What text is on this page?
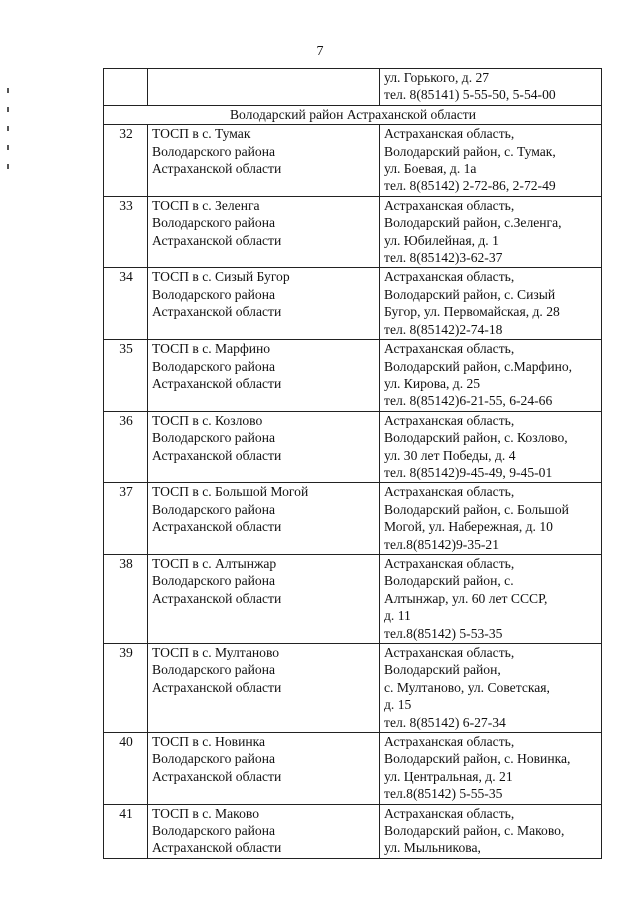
7

		ул. Горького, д. 27
тел. 8(85141) 5-55-50, 5-54-00

Володарский район Астраханской области		
32	ТОСП в с. Тумак
Володарского района
Астраханской области	Астраханская область,
Володарский район, с. Тумак,
ул. Боевая, д. 1а
тел. 8(85142) 2-72-86, 2-72-49

33	ТОСП в с. Зеленга
Володарского района
Астраханской области	Астраханская область,
Володарский район, с.Зеленга,
ул. Юбилейная, д. 1
тел. 8(85142)3-62-37

34	ТОСП в с. Сизый Бугор
Володарского района
Астраханской области	Астраханская область,
Володарский район, с. Сизый
Бугор, ул. Первомайская, д. 28
тел. 8(85142)2-74-18

35	ТОСП в с. Марфино
Володарского района
Астраханской области	Астраханская область,
Володарский район, с.Марфино,
ул. Кирова, д. 25
тел. 8(85142)6-21-55, 6-24-66

36	ТОСП в с. Козлово
Володарского района
Астраханской области	Астраханская область,
Володарский район, с. Козлово,
ул. 30 лет Победы, д. 4
тел. 8(85142)9-45-49, 9-45-01

37	ТОСП в с. Большой Могой
Володарского района
Астраханской области	Астраханская область,
Володарский район, с. Большой
Могой, ул. Набережная, д. 10
тел.8(85142)9-35-21

38	ТОСП в с. Алтынжар
Володарского района
Астраханской области	Астраханская область,
Володарский район, с.
Алтынжар, ул. 60 лет СССР,
д. 11
тел.8(85142) 5-53-35

39	ТОСП в с. Мултаново
Володарского района
Астраханской области	Астраханская область,
Володарский район,
с. Мултаново, ул. Советская,
д. 15
тел. 8(85142) 6-27-34

40	ТОСП в с. Новинка
Володарского района
Астраханской области	Астраханская область,
Володарский район, с. Новинка,
ул. Центральная, д. 21
тел.8(85142) 5-55-35

41	ТОСП в с. Маково
Володарского района
Астраханской области	Астраханская область,
Володарский район, с. Маково,
ул. Мыльникова,
